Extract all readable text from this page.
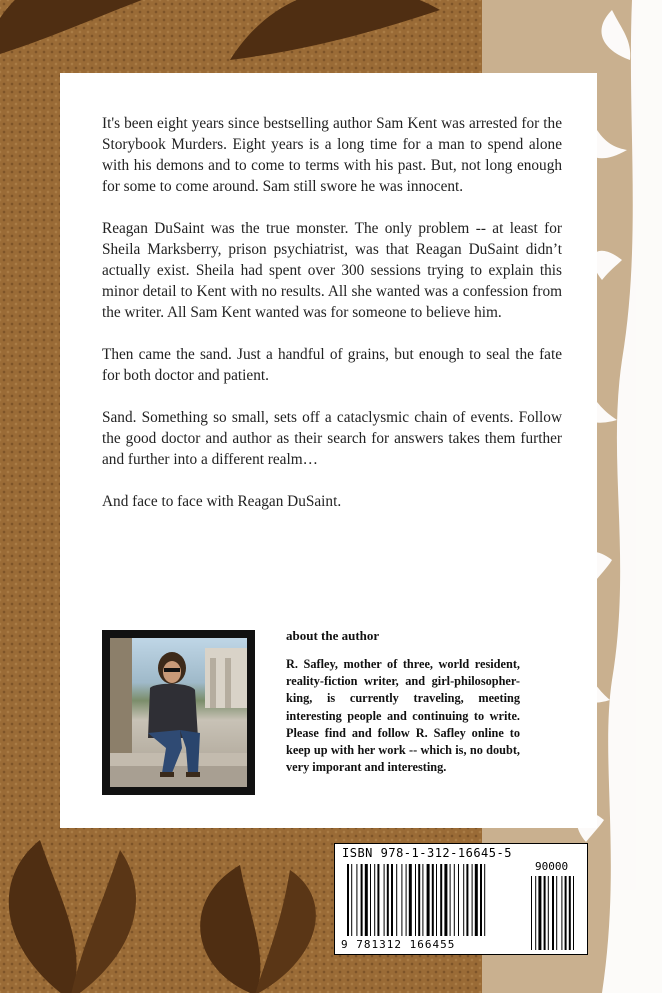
It's been eight years since bestselling author Sam Kent was arrested for the Storybook Murders. Eight years is a long time for a man to spend alone with his demons and to come to terms with his past. But, not long enough for some to come around. Sam still swore he was innocent.

Reagan DuSaint was the true monster. The only problem -- at least for Sheila Marksberry, prison psychiatrist, was that Reagan DuSaint didn’t actually exist. Sheila had spent over 300 sessions trying to explain this minor detail to Kent with no results. All she wanted was a confession from the writer. All Sam Kent wanted was for someone to believe him.

Then came the sand. Just a handful of grains, but enough to seal the fate for both doctor and patient.

Sand. Something so small, sets off a cataclysmic chain of events. Follow the good doctor and author as their search for answers takes them further and further into a different realm…

And face to face with Reagan DuSaint.

about the author
R. Safley, mother of three, world resident, reality-fiction writer, and girl-philosopher-king, is currently traveling, meeting interesting people and continuing to write. Please find and follow R. Safley online to keep up with her work -- which is, no doubt, very imporant and interesting.
ISBN 978-1-312-16645-5
90000
9 781312 166455
